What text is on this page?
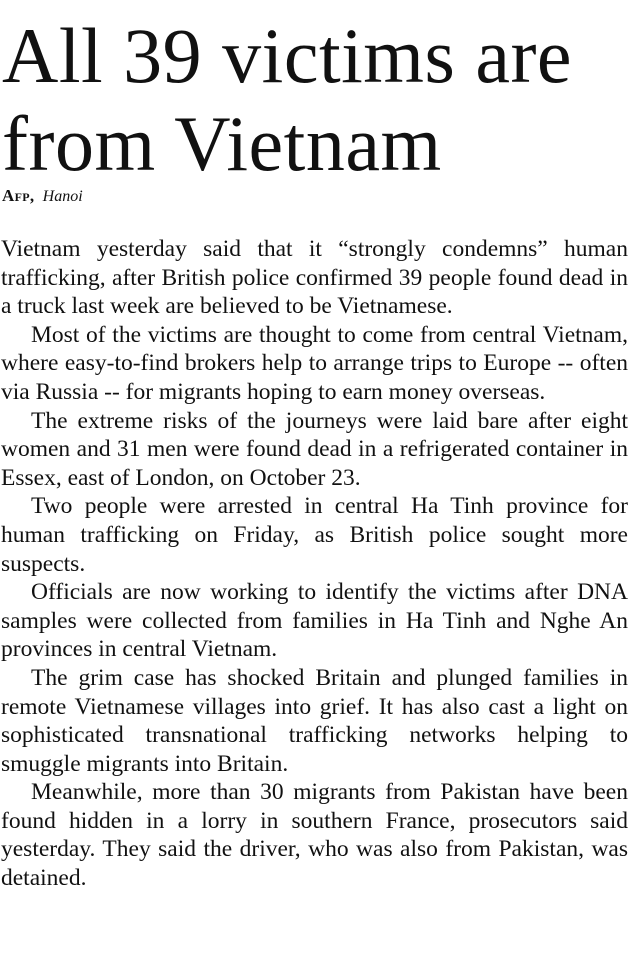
All 39 victims are from Vietnam
Afp, Hanoi

Vietnam yesterday said that it “strongly condemns” human trafficking, after British police confirmed 39 people found dead in a truck last week are believed to be Vietnamese.

Most of the victims are thought to come from central Vietnam, where easy-to-find brokers help to arrange trips to Europe -- often via Russia -- for migrants hoping to earn money overseas.

The extreme risks of the journeys were laid bare after eight women and 31 men were found dead in a refrigerated container in Essex, east of London, on October 23.

Two people were arrested in central Ha Tinh province for human trafficking on Friday, as British police sought more suspects.

Officials are now working to identify the victims after DNA samples were collected from families in Ha Tinh and Nghe An provinces in central Vietnam.

The grim case has shocked Britain and plunged families in remote Vietnamese villages into grief. It has also cast a light on sophisticated transnational trafficking networks helping to smuggle migrants into Britain.

Meanwhile, more than 30 migrants from Pakistan have been found hidden in a lorry in southern France, prosecutors said yesterday. They said the driver, who was also from Pakistan, was detained.
